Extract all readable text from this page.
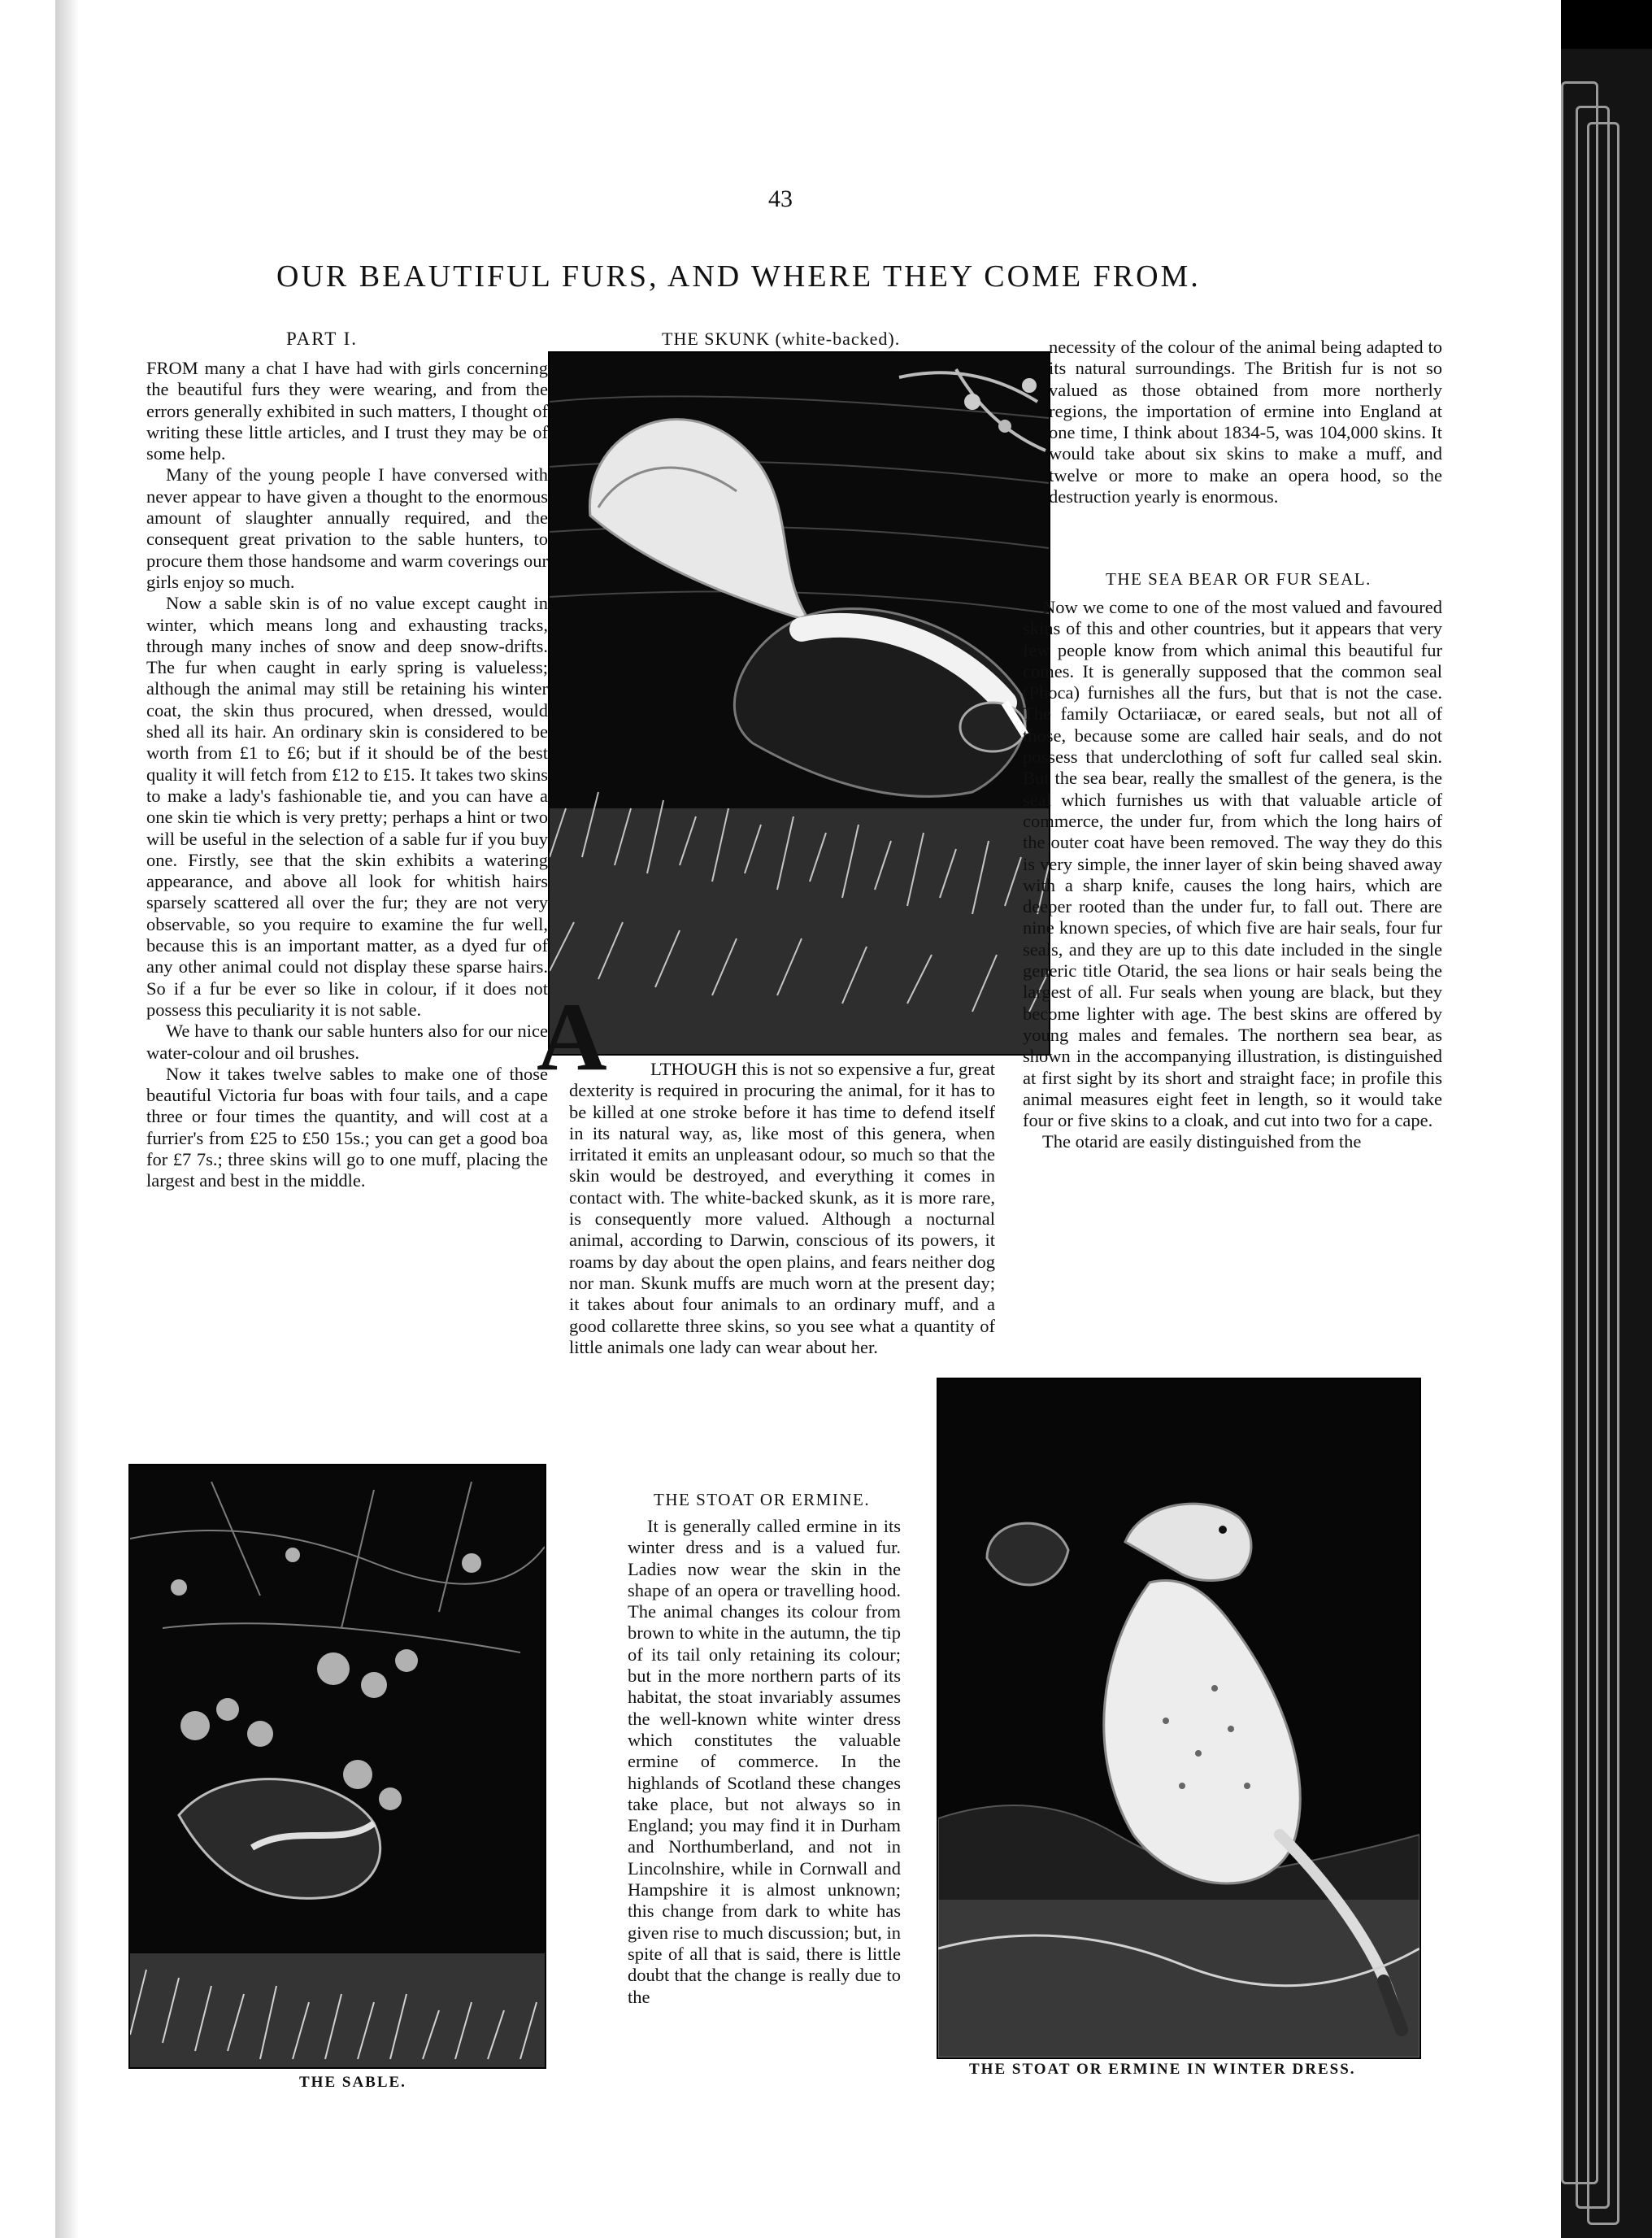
43
OUR BEAUTIFUL FURS, AND WHERE THEY COME FROM.
PART I.

FROM many a chat I have had with girls concerning the beautiful furs they were wearing, and from the errors generally exhibited in such matters, I thought of writing these little articles, and I trust they may be of some help.

Many of the young people I have conversed with never appear to have given a thought to the enormous amount of slaughter annually required, and the consequent great privation to the sable hunters, to procure them those handsome and warm coverings our girls enjoy so much.

Now a sable skin is of no value except caught in winter, which means long and exhausting tracks, through many inches of snow and deep snow-drifts. The fur when caught in early spring is valueless; although the animal may still be retaining his winter coat, the skin thus procured, when dressed, would shed all its hair. An ordinary skin is considered to be worth from £1 to £6; but if it should be of the best quality it will fetch from £12 to £15. It takes two skins to make a lady's fashionable tie, and you can have a one skin tie which is very pretty; perhaps a hint or two will be useful in the selection of a sable fur if you buy one. Firstly, see that the skin exhibits a watering appearance, and above all look for whitish hairs sparsely scattered all over the fur; they are not very observable, so you require to examine the fur well, because this is an important matter, as a dyed fur of any other animal could not display these sparse hairs. So if a fur be ever so like in colour, if it does not possess this peculiarity it is not sable.

We have to thank our sable hunters also for our nice water-colour and oil brushes.

Now it takes twelve sables to make one of those beautiful Victoria fur boas with four tails, and a cape three or four times the quantity, and will cost at a furrier's from £25 to £50 15s.; you can get a good boa for £7 7s.; three skins will go to one muff, placing the largest and best in the middle.

THE SKUNK (white-backed).
A	LTHOUGH this is not so expensive a fur, great dexterity is required in procuring the animal, for it has to be killed at one stroke before it has time to defend itself in its natural way, as, like most of this genera, when irritated it emits an unpleasant odour, so much so that the skin would be destroyed, and everything it comes in contact with. The white-backed skunk, as it is more rare, is consequently more valued. Although a nocturnal animal, according to Darwin, conscious of its powers, it roams by day about the open plains, and fears neither dog nor man. Skunk muffs are much worn at the present day; it takes about four animals to an ordinary muff, and a good collarette three skins, so you see what a quantity of little animals one lady can wear about her.

THE STOAT OR ERMINE.

It is generally called ermine in its winter dress and is a valued fur. Ladies now wear the skin in the shape of an opera or travelling hood. The animal changes its colour from brown to white in the autumn, the tip of its tail only retaining its colour; but in the more northern parts of its habitat, the stoat invariably assumes the well-known white winter dress which constitutes the valuable ermine of commerce. In the highlands of Scotland these changes take place, but not always so in England; you may find it in Durham and Northumberland, and not in Lincolnshire, while in Cornwall and Hampshire it is almost unknown; this change from dark to white has given rise to much discussion; but, in spite of all that is said, there is little doubt that the change is really due to the

necessity of the colour of the animal being adapted to its natural surroundings. The British fur is not so valued as those obtained from more northerly regions, the importation of ermine into England at one time, I think about 1834-5, was 104,000 skins. It would take about six skins to make a muff, and twelve or more to make an opera hood, so the destruction yearly is enormous.

THE SEA BEAR OR FUR SEAL.

Now we come to one of the most valued and favoured skins of this and other countries, but it appears that very few people know from which animal this beautiful fur comes. It is generally supposed that the common seal (Phoca) furnishes all the furs, but that is not the case. The family Octariiacæ, or eared seals, but not all of those, because some are called hair seals, and do not possess that underclothing of soft fur called seal skin. But the sea bear, really the smallest of the genera, is the seal which furnishes us with that valuable article of commerce, the under fur, from which the long hairs of the outer coat have been removed. The way they do this is very simple, the inner layer of skin being shaved away with a sharp knife, causes the long hairs, which are deeper rooted than the under fur, to fall out. There are nine known species, of which five are hair seals, four fur seals, and they are up to this date included in the single generic title Otarid, the sea lions or hair seals being the largest of all. Fur seals when young are black, but they become lighter with age. The best skins are offered by young males and females. The northern sea bear, as shown in the accompanying illustration, is distinguished at first sight by its short and straight face; in profile this animal measures eight feet in length, so it would take four or five skins to a cloak, and cut into two for a cape.

The otarid are easily distinguished from the

THE SABLE.
THE STOAT OR ERMINE IN WINTER DRESS.
